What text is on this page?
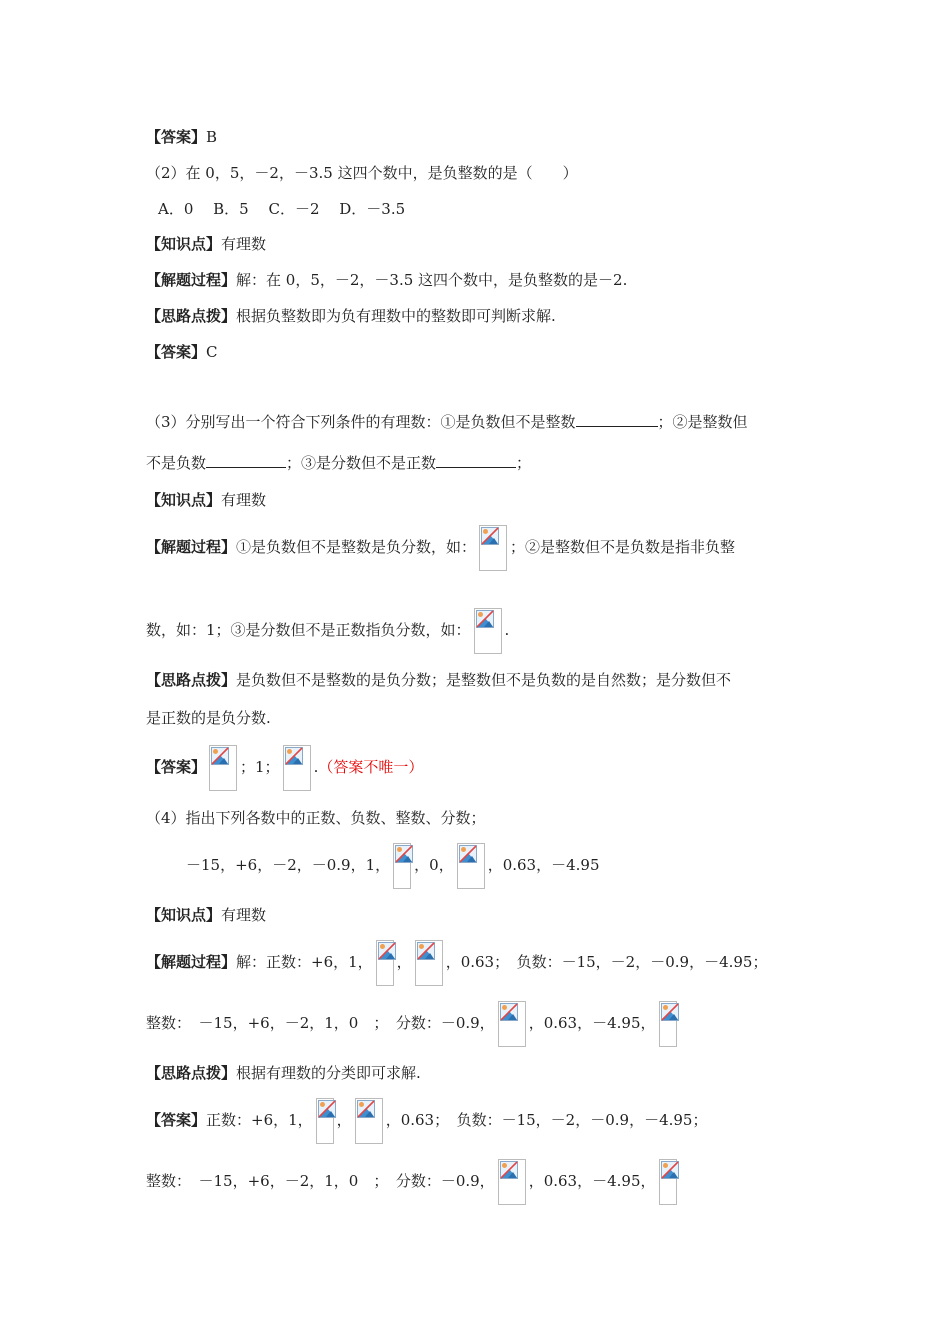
【答案】B
（2）在 0，5，－2，－3.5 这四个数中，是负整数的是（　　）
A．0　 B．5　 C．－2　 D．－3.5
【知识点】有理数
【解题过程】解：在 0，5，－2，－3.5 这四个数中，是负整数的是－2.
【思路点拨】根据负整数即为负有理数中的整数即可判断求解.
【答案】C
（3）分别写出一个符合下列条件的有理数：①是负数但不是整数	；②是整数但
不是负数	；③是分数但不是正数	；
【知识点】有理数
【解题过程】①是负数但不是整数是负分数，如： ；②是整数但不是负数是指非负整
数，如：1；③是分数但不是正数指负分数，如： .
【思路点拨】是负数但不是整数的是负分数；是整数但不是负数的是自然数；是分数但不
是正数的是负分数.
【答案】 ；1； .（答案不唯一）
（4）指出下列各数中的正数、负数、整数、分数；
－15，+6，－2，－0.9，1， ，0， ，0.63，－4.95
【知识点】有理数
【解题过程】解：正数：+6，1， ， ，0.63；　负数：－15，－2，－0.9，－4.95；
整数：　－15，+6，－2，1，0　；　分数：－0.9， ，0.63，－4.95，
【思路点拨】根据有理数的分类即可求解.
【答案】正数：+6，1， ， ，0.63；　负数：－15，－2，－0.9，－4.95；
整数：　－15，+6，－2，1，0　；　分数：－0.9， ，0.63，－4.95，
